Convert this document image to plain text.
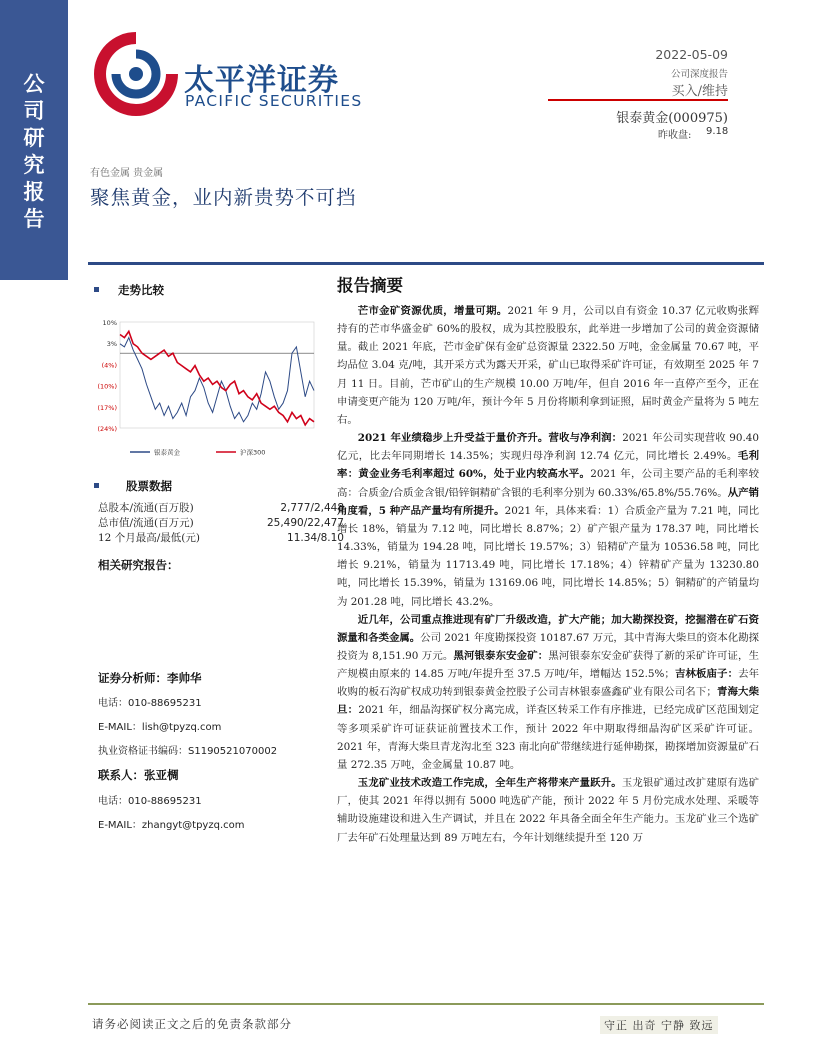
公司研究报告
太平洋证券
PACIFIC SECURITIES
2022-05-09
公司深度报告
买入/维持
银泰黄金(000975)
昨收盘: 9.18
有色金属 贵金属
聚焦黄金，业内新贵势不可挡
走势比较
10%
3%
(4%)
(10%)
(17%)
(24%)
银泰黄金	沪深300
股票数据
总股本/流通(百万股)	2,777/2,448
总市值/流通(百万元)	25,490/22,477
12 个月最高/最低(元)	11.34/8.10
相关研究报告：
证券分析师：李帅华
电话：010-88695231
E-MAIL：lish@tpyzq.com
执业资格证书编码：S1190521070002
联系人：张亚椆
电话：010-88695231
E-MAIL：zhangyt@tpyzq.com
报告摘要

芒市金矿资源优质，增量可期。2021 年 9 月，公司以自有资金 10.37 亿元收购张辉持有的芒市华盛金矿 60%的股权，成为其控股股东，此举进一步增加了公司的黄金资源储量。截止 2021 年底，芒市金矿保有金矿总资源量 2322.50 万吨，金金属量 70.67 吨，平均品位 3.04 克/吨，其开采方式为露天开采，矿山已取得采矿许可证，有效期至 2025 年 7 月 11 日。目前，芒市矿山的生产规模 10.00 万吨/年，但自 2016 年一直停产至今，正在申请变更产能为 120 万吨/年，预计今年 5 月份将顺利拿到证照，届时黄金产量将为 5 吨左右。

2021 年业绩稳步上升受益于量价齐升。营收与净利润：2021 年公司实现营收 90.40 亿元，比去年同期增长 14.35%；实现归母净利润 12.74 亿元，同比增长 2.49%。毛利率：黄金业务毛利率超过 60%，处于业内较高水平。2021 年，公司主要产品的毛利率较高：合质金/合质金含银/铅锌铜精矿含银的毛利率分别为 60.33%/65.8%/55.76%。从产销角度看，5 种产品产量均有所提升。2021 年，具体来看：1）合质金产量为 7.21 吨，同比增长 18%，销量为 7.12 吨，同比增长 8.87%；2）矿产银产量为 178.37 吨，同比增长 14.33%，销量为 194.28 吨，同比增长 19.57%；3）铅精矿产量为 10536.58 吨，同比增长 9.21%，销量为 11713.49 吨，同比增长 17.18%；4）锌精矿产量为 13230.80 吨，同比增长 15.39%，销量为 13169.06 吨，同比增长 14.85%；5）铜精矿的产销量均为 201.28 吨，同比增长 43.2%。

近几年，公司重点推进现有矿厂升级改造，扩大产能；加大勘探投资，挖掘潜在矿石资源量和各类金属。公司 2021 年度勘探投资 10187.67 万元，其中青海大柴旦的资本化勘探投资为 8,151.90 万元。黑河银泰东安金矿：黑河银泰东安金矿获得了新的采矿许可证，生产规模由原来的 14.85 万吨/年提升至 37.5 万吨/年，增幅达 152.5%；吉林板庙子：去年收购的板石沟矿权成功转到银泰黄金控股子公司吉林银泰盛鑫矿业有限公司名下；青海大柴旦：2021 年，细晶沟探矿权分离完成，详查区转采工作有序推进，已经完成矿区范围划定等多项采矿许可证获证前置技术工作，预计 2022 年中期取得细晶沟矿区采矿许可证。2021 年，青海大柴旦青龙沟北至 323 南北向矿带继续进行延伸勘探，勘探增加资源量矿石量 272.35 万吨，金金属量 10.87 吨。

玉龙矿业技术改造工作完成，全年生产将带来产量跃升。玉龙银矿通过改扩建原有选矿厂，使其 2021 年得以拥有 5000 吨选矿产能，预计 2022 年 5 月份完成水处理、采暖等辅助设施建设和进入生产调试，并且在 2022 年具备全面全年生产能力。玉龙矿业三个选矿厂去年矿石处理量达到 89 万吨左右，今年计划继续提升至 120 万

请务必阅读正文之后的免责条款部分	守正 出奇 宁静 致远
